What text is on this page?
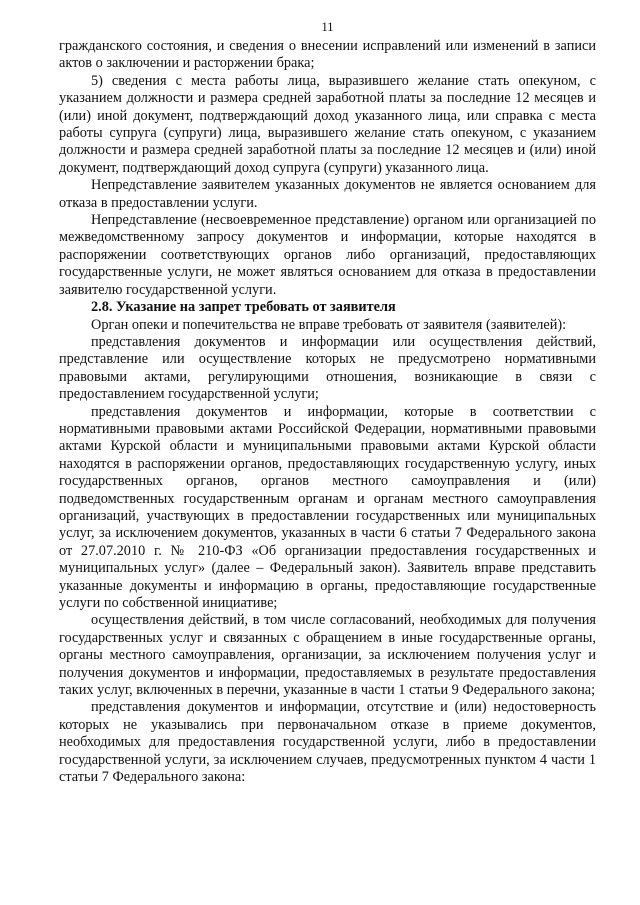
11

гражданского состояния, и сведения о внесении исправлений или изменений в записи актов о заключении и расторжении брака;

5) сведения с места работы лица, выразившего желание стать опекуном, с указанием должности и размера средней заработной платы за последние 12 месяцев и (или) иной документ, подтверждающий доход указанного лица, или справка с места работы супруга (супруги) лица, выразившего желание стать опекуном, с указанием должности и размера средней заработной платы за последние 12 месяцев и (или) иной документ, подтверждающий доход супруга (супруги) указанного лица.

Непредставление заявителем указанных документов не является основанием для отказа в предоставлении услуги.

Непредставление (несвоевременное представление) органом или организацией по межведомственному запросу документов и информации, которые находятся в распоряжении соответствующих органов либо организаций, предоставляющих государственные услуги, не может являться основанием для отказа в предоставлении заявителю государственной услуги.

2.8. Указание на запрет требовать от заявителя

Орган опеки и попечительства не вправе требовать от заявителя (заявителей):

представления документов и информации или осуществления действий, представление или осуществление которых не предусмотрено нормативными правовыми актами, регулирующими отношения, возникающие в связи с предоставлением государственной услуги;

представления документов и информации, которые в соответствии с нормативными правовыми актами Российской Федерации, нормативными правовыми актами Курской области и муниципальными правовыми актами Курской области находятся в распоряжении органов, предоставляющих государственную услугу, иных государственных органов, органов местного самоуправления и (или) подведомственных государственным органам и органам местного самоуправления организаций, участвующих в предоставлении государственных или муниципальных услуг, за исключением документов, указанных в части 6 статьи 7 Федерального закона от 27.07.2010 г. № 210-ФЗ «Об организации предоставления государственных и муниципальных услуг» (далее – Федеральный закон). Заявитель вправе представить указанные документы и информацию в органы, предоставляющие государственные услуги по собственной инициативе;

осуществления действий, в том числе согласований, необходимых для получения государственных услуг и связанных с обращением в иные государственные органы, органы местного самоуправления, организации, за исключением получения услуг и получения документов и информации, предоставляемых в результате предоставления таких услуг, включенных в перечни, указанные в части 1 статьи 9 Федерального закона;

представления документов и информации, отсутствие и (или) недостоверность которых не указывались при первоначальном отказе в приеме документов, необходимых для предоставления государственной услуги, либо в предоставлении государственной услуги, за исключением случаев, предусмотренных пунктом 4 части 1 статьи 7 Федерального закона:
